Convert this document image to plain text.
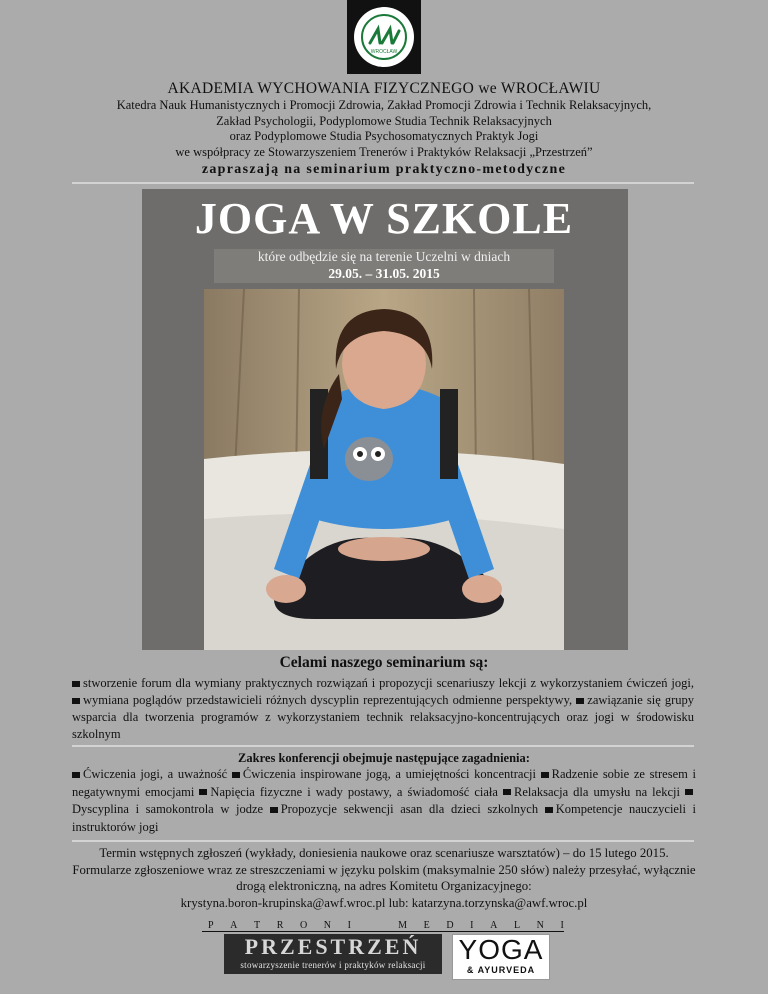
WROCŁAW
AKADEMIA WYCHOWANIA FIZYCZNEGO we WROCŁAWIU
Katedra Nauk Humanistycznych i Promocji Zdrowia, Zakład Promocji Zdrowia i Technik Relaksacyjnych,
Zakład Psychologii, Podyplomowe Studia Technik Relaksacyjnych
oraz Podyplomowe Studia Psychosomatycznych Praktyk Jogi
we współpracy ze Stowarzyszeniem Trenerów i Praktyków Relaksacji „Przestrzeń”
zapraszają na seminarium praktyczno-metodyczne
JOGA W SZKOLE
które odbędzie się na terenie Uczelni w dniach
29.05. – 31.05. 2015
Celami naszego seminarium są:
stworzenie forum dla wymiany praktycznych rozwiązań i propozycji scenariuszy lekcji z wykorzystaniem ćwiczeń jogi, wymiana poglądów przedstawicieli różnych dyscyplin reprezentujących odmienne perspektywy, zawiązanie się grupy wsparcia dla tworzenia programów z wykorzystaniem technik relaksacyjno-koncentrujących oraz jogi w środowisku szkolnym
Zakres konferencji obejmuje następujące zagadnienia:
Ćwiczenia jogi, a uważność Ćwiczenia inspirowane jogą, a umiejętności koncentracji Radzenie sobie ze stresem i negatywnymi emocjami Napięcia fizyczne i wady postawy, a świadomość ciała Relaksacja dla umysłu na lekcji Dyscyplina i samokontrola w jodze Propozycje sekwencji asan dla dzieci szkolnych Kompetencje nauczycieli i instruktorów jogi
Termin wstępnych zgłoszeń (wykłady, doniesienia naukowe oraz scenariusze warsztatów) – do 15 lutego 2015. Formularze zgłoszeniowe wraz ze streszczeniami w języku polskim (maksymalnie 250 słów) należy przesyłać, wyłącznie drogą elektroniczną, na adres Komitetu Organizacyjnego:
krystyna.boron-krupinska@awf.wroc.pl lub: katarzyna.torzynska@awf.wroc.pl
P A T R O N I	M E D I A L N I
PRZESTRZEŃ
stowarzyszenie trenerów i praktyków relaksacji	YOGA
& AYURVEDA
